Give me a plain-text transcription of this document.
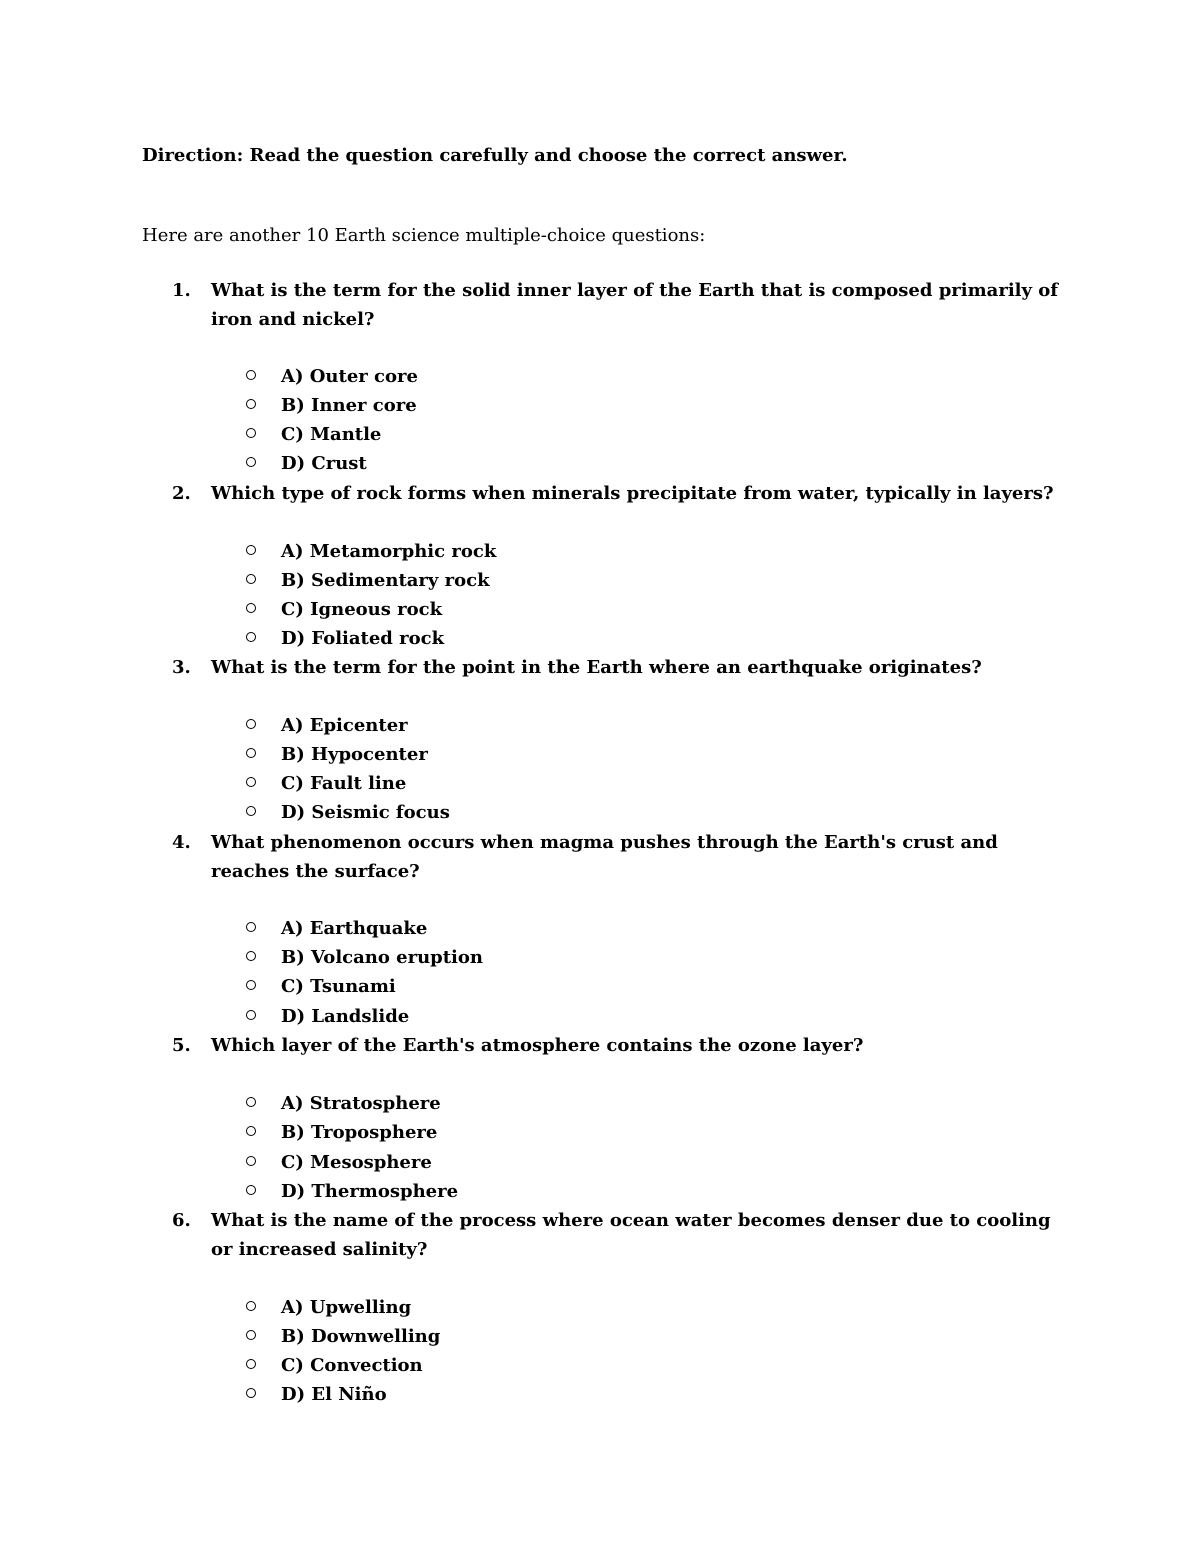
Direction: Read the question carefully and choose the correct answer.
Here are another 10 Earth science multiple-choice questions:
1. What is the term for the solid inner layer of the Earth that is composed primarily of iron and nickel?
A) Outer core
B) Inner core
C) Mantle
D) Crust
2. Which type of rock forms when minerals precipitate from water, typically in layers?
A) Metamorphic rock
B) Sedimentary rock
C) Igneous rock
D) Foliated rock
3. What is the term for the point in the Earth where an earthquake originates?
A) Epicenter
B) Hypocenter
C) Fault line
D) Seismic focus
4. What phenomenon occurs when magma pushes through the Earth's crust and reaches the surface?
A) Earthquake
B) Volcano eruption
C) Tsunami
D) Landslide
5. Which layer of the Earth's atmosphere contains the ozone layer?
A) Stratosphere
B) Troposphere
C) Mesosphere
D) Thermosphere
6. What is the name of the process where ocean water becomes denser due to cooling or increased salinity?
A) Upwelling
B) Downwelling
C) Convection
D) El Niño
